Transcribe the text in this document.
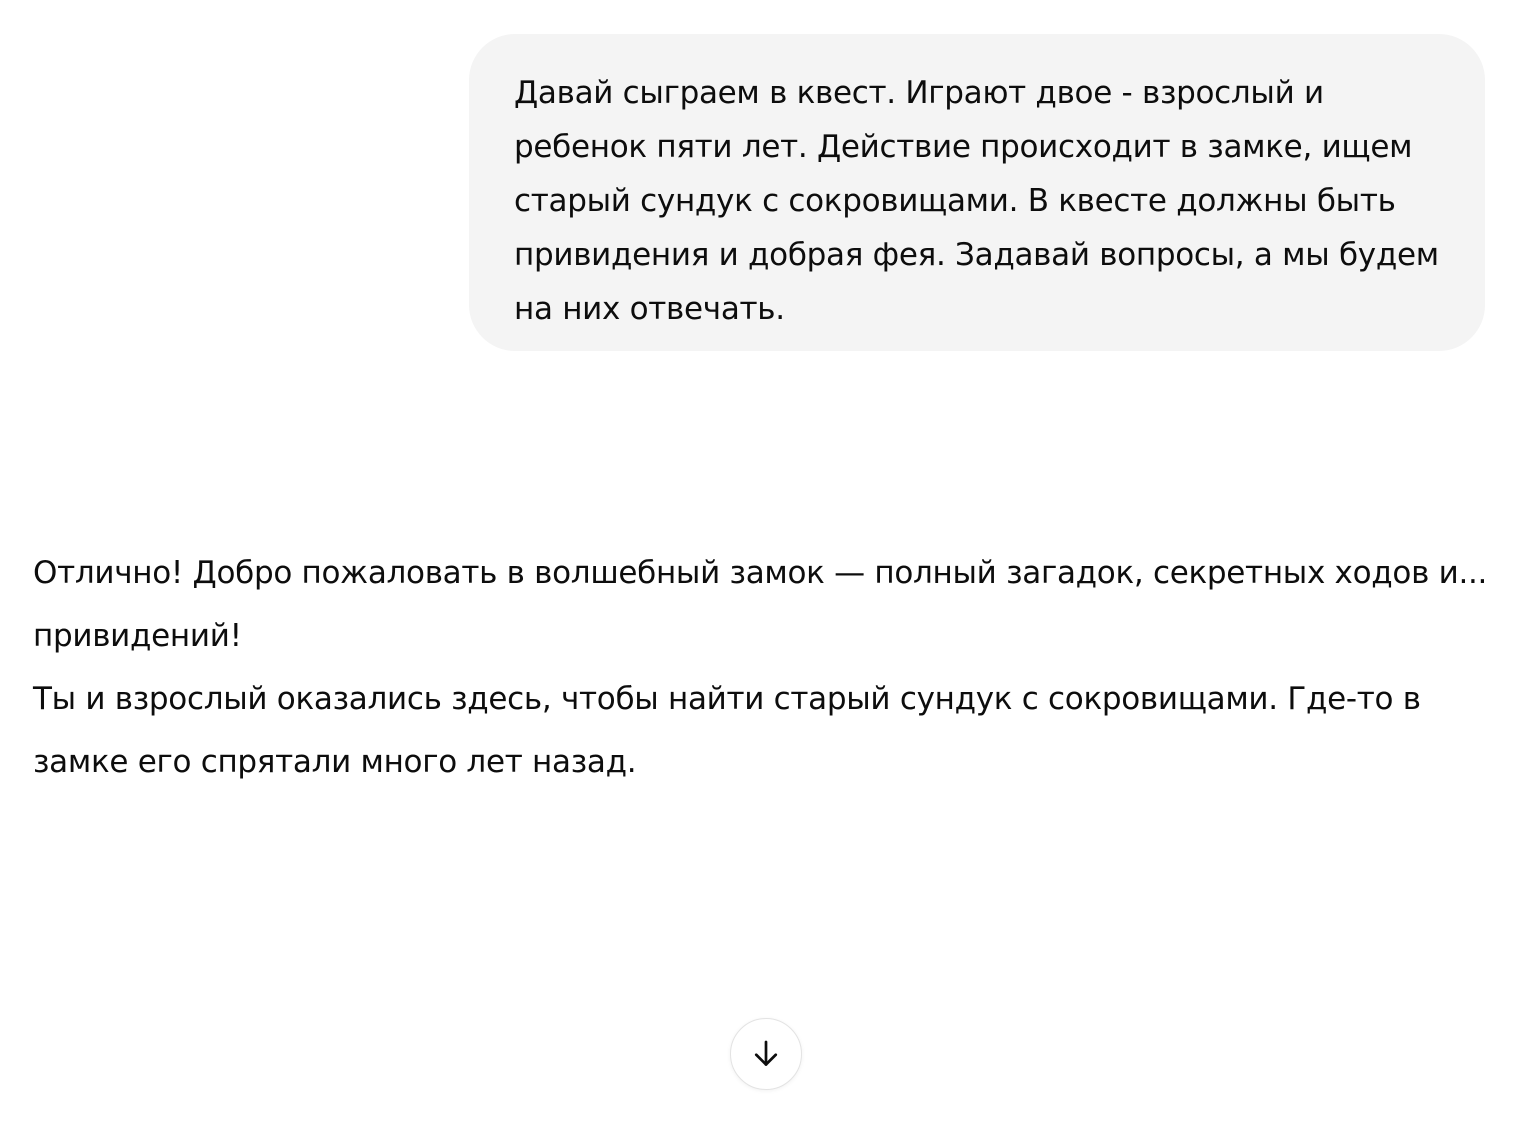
Давай сыграем в квест. Играют двое - взрослый и ребенок пяти лет. Действие происходит в замке, ищем старый сундук с сокровищами. В квесте должны быть привидения и добрая фея. Задавай вопросы, а мы будем на них отвечать.

Отлично! Добро пожаловать в волшебный замок — полный загадок, секретных ходов и... привидений!

Ты и взрослый оказались здесь, чтобы найти старый сундук с сокровищами. Где-то в замке его спрятали много лет назад.
